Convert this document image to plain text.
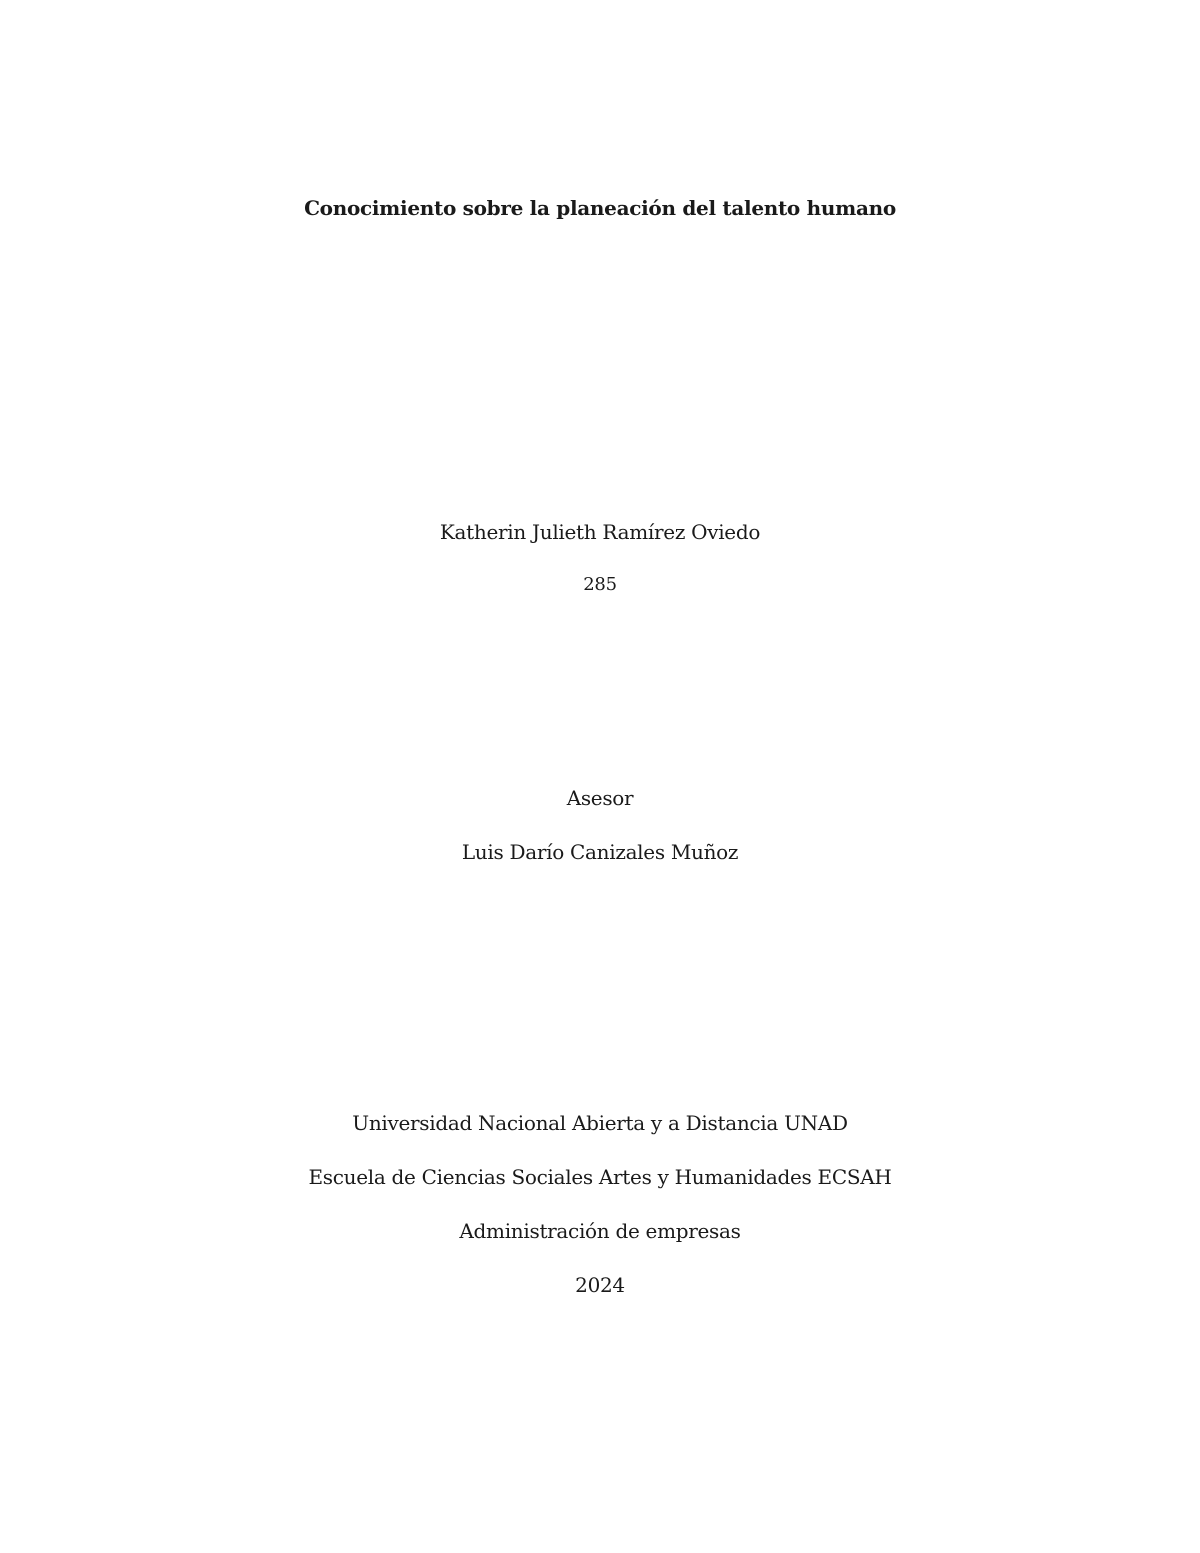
Conocimiento sobre la planeación del talento humano
Katherin Julieth Ramírez Oviedo
285
Asesor
Luis Darío Canizales Muñoz
Universidad Nacional Abierta y a Distancia UNAD
Escuela de Ciencias Sociales Artes y Humanidades ECSAH
Administración de empresas
2024
